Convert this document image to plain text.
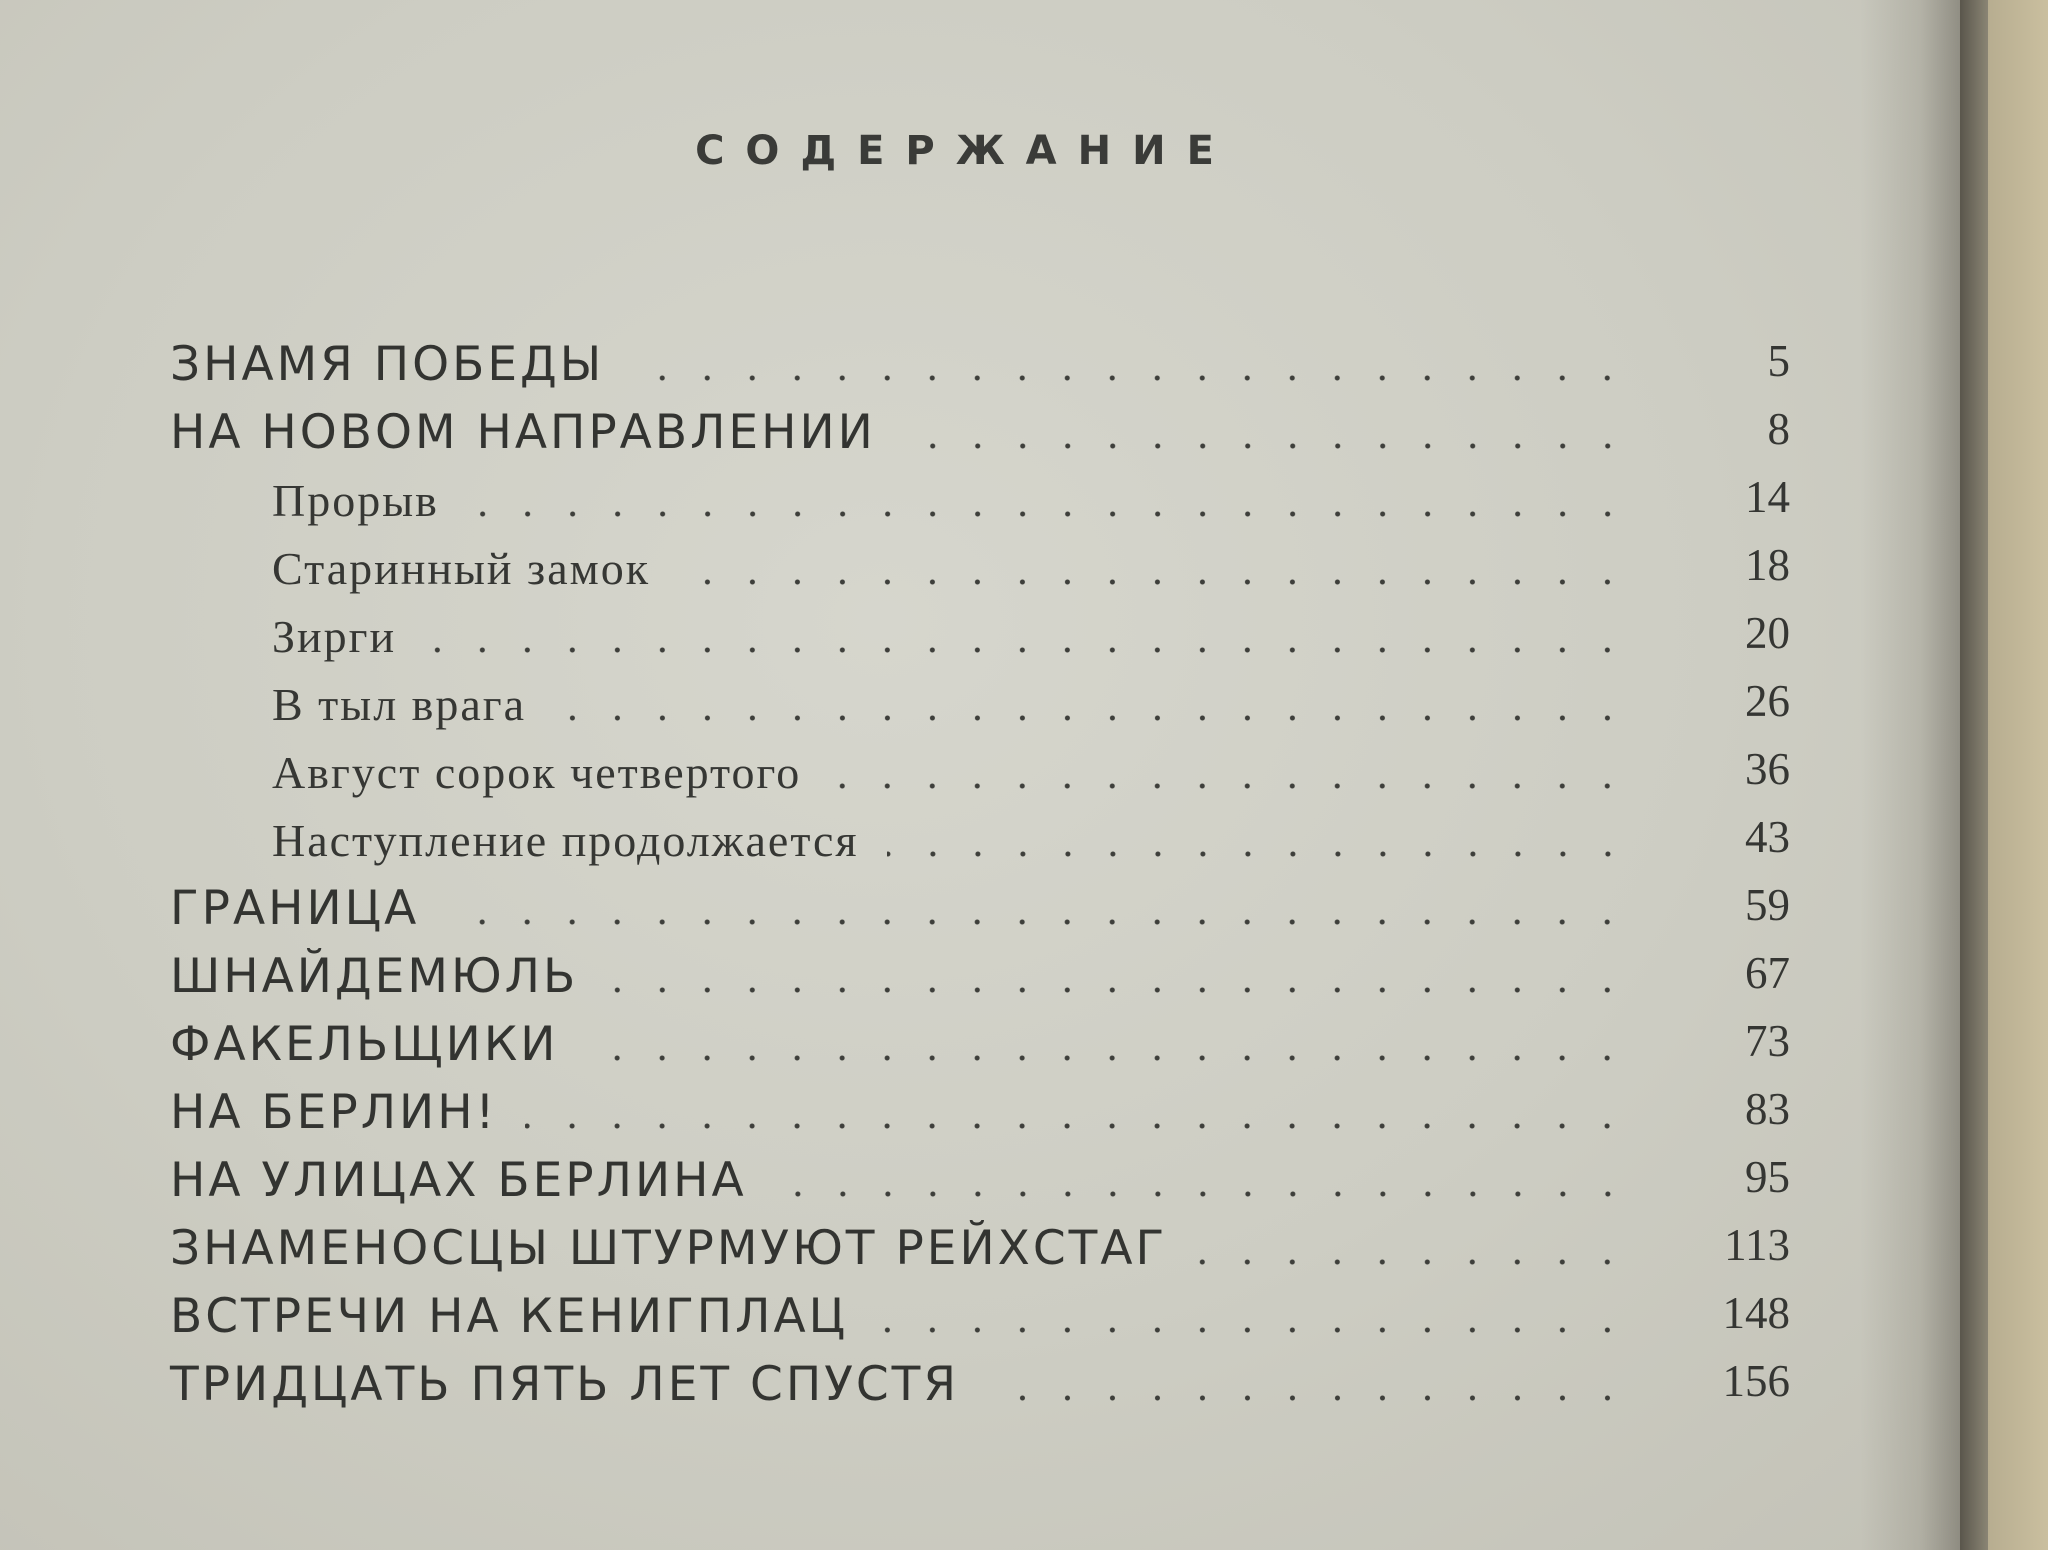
СОДЕРЖАНИЕ
ЗНАМЯ ПОБЕДЫ	5
НА НОВОМ НАПРАВЛЕНИИ	8
Прорыв	14
Старинный замок	18
Зирги	20
В тыл врага	26
Август сорок четвертого	36
Наступление продолжается	43
ГРАНИЦА	59
ШНАЙДЕМЮЛЬ	67
ФАКЕЛЬЩИКИ	73
НА БЕРЛИН!	83
НА УЛИЦАХ БЕРЛИНА	95
ЗНАМЕНОСЦЫ ШТУРМУЮТ РЕЙХСТАГ	113
ВСТРЕЧИ НА КЕНИГПЛАЦ	148
ТРИДЦАТЬ ПЯТЬ ЛЕТ СПУСТЯ	156
